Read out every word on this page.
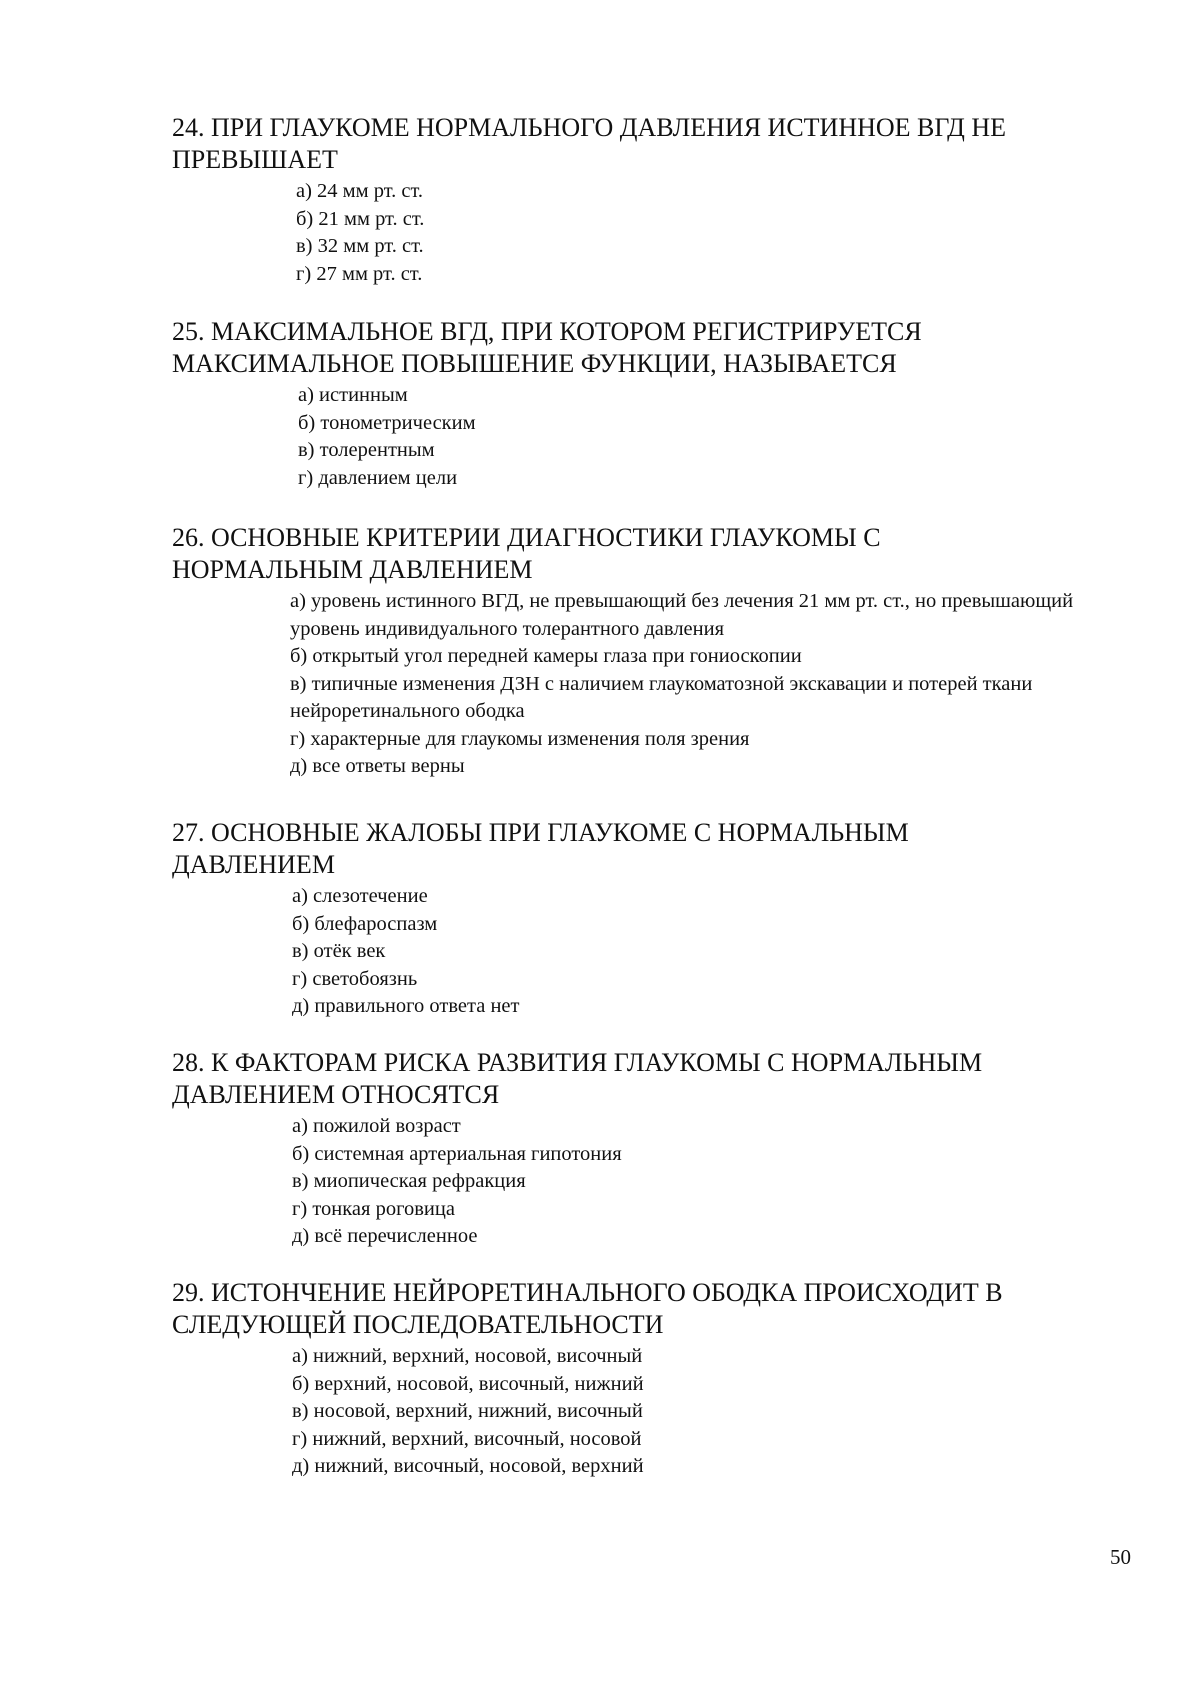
24. ПРИ ГЛАУКОМЕ НОРМАЛЬНОГО ДАВЛЕНИЯ ИСТИННОЕ ВГД НЕ ПРЕВЫШАЕТ
а) 24 мм рт. ст.
б) 21 мм рт. ст.
в) 32 мм рт. ст.
г) 27 мм рт. ст.
25. МАКСИМАЛЬНОЕ ВГД, ПРИ КОТОРОМ РЕГИСТРИРУЕТСЯ МАКСИМАЛЬНОЕ ПОВЫШЕНИЕ ФУНКЦИИ, НАЗЫВАЕТСЯ
а) истинным
б) тонометрическим
в) толерентным
г) давлением цели
26. ОСНОВНЫЕ КРИТЕРИИ ДИАГНОСТИКИ ГЛАУКОМЫ С НОРМАЛЬНЫМ ДАВЛЕНИЕМ
а) уровень истинного ВГД, не превышающий без лечения 21 мм рт. ст., но превышающий уровень индивидуального толерантного давления
б) открытый угол передней камеры глаза при гониоскопии
в) типичные изменения ДЗН с наличием глаукоматозной экскавации и потерей ткани нейроретинального ободка
г) характерные для глаукомы изменения поля зрения
д) все ответы верны
27. ОСНОВНЫЕ ЖАЛОБЫ ПРИ ГЛАУКОМЕ С НОРМАЛЬНЫМ ДАВЛЕНИЕМ
а) слезотечение
б) блефароспазм
в) отёк век
г) светобоязнь
д) правильного ответа нет
28. К ФАКТОРАМ РИСКА РАЗВИТИЯ ГЛАУКОМЫ С НОРМАЛЬНЫМ ДАВЛЕНИЕМ ОТНОСЯТСЯ
а) пожилой возраст
б) системная артериальная гипотония
в) миопическая рефракция
г) тонкая роговица
д) всё перечисленное
29. ИСТОНЧЕНИЕ НЕЙРОРЕТИНАЛЬНОГО ОБОДКА ПРОИСХОДИТ В СЛЕДУЮЩЕЙ ПОСЛЕДОВАТЕЛЬНОСТИ
а) нижний, верхний, носовой, височный
б) верхний, носовой, височный, нижний
в) носовой, верхний, нижний, височный
г) нижний, верхний, височный, носовой
д) нижний, височный, носовой, верхний
50
